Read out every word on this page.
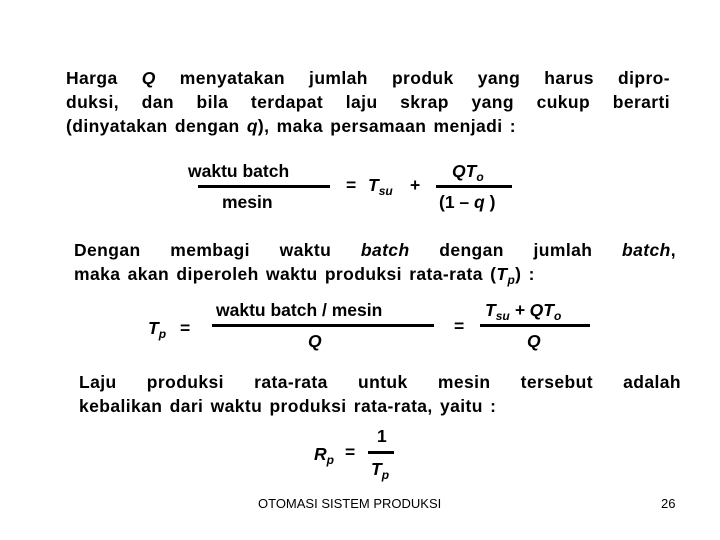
Harga Q menyatakan jumlah produk yang harus dipro-
duksi, dan bila terdapat laju skrap yang cukup berarti
(dinyatakan dengan q), maka persamaan menjadi :
waktu batch
mesin
= $T_{su}$ +
$QT_o$
(1 – q )
Dengan membagi waktu batch dengan jumlah batch,
maka akan diperoleh waktu produksi rata-rata $(T_p)$ :
$T_p$ =
waktu batch / mesin
Q
=
$T_{su} + QT_o$
Q
Laju produksi rata-rata untuk mesin tersebut adalah
kebalikan dari waktu produksi rata-rata, yaitu :
$R_p$ =
1
$T_p$
OTOMASI SISTEM PRODUKSI	26
